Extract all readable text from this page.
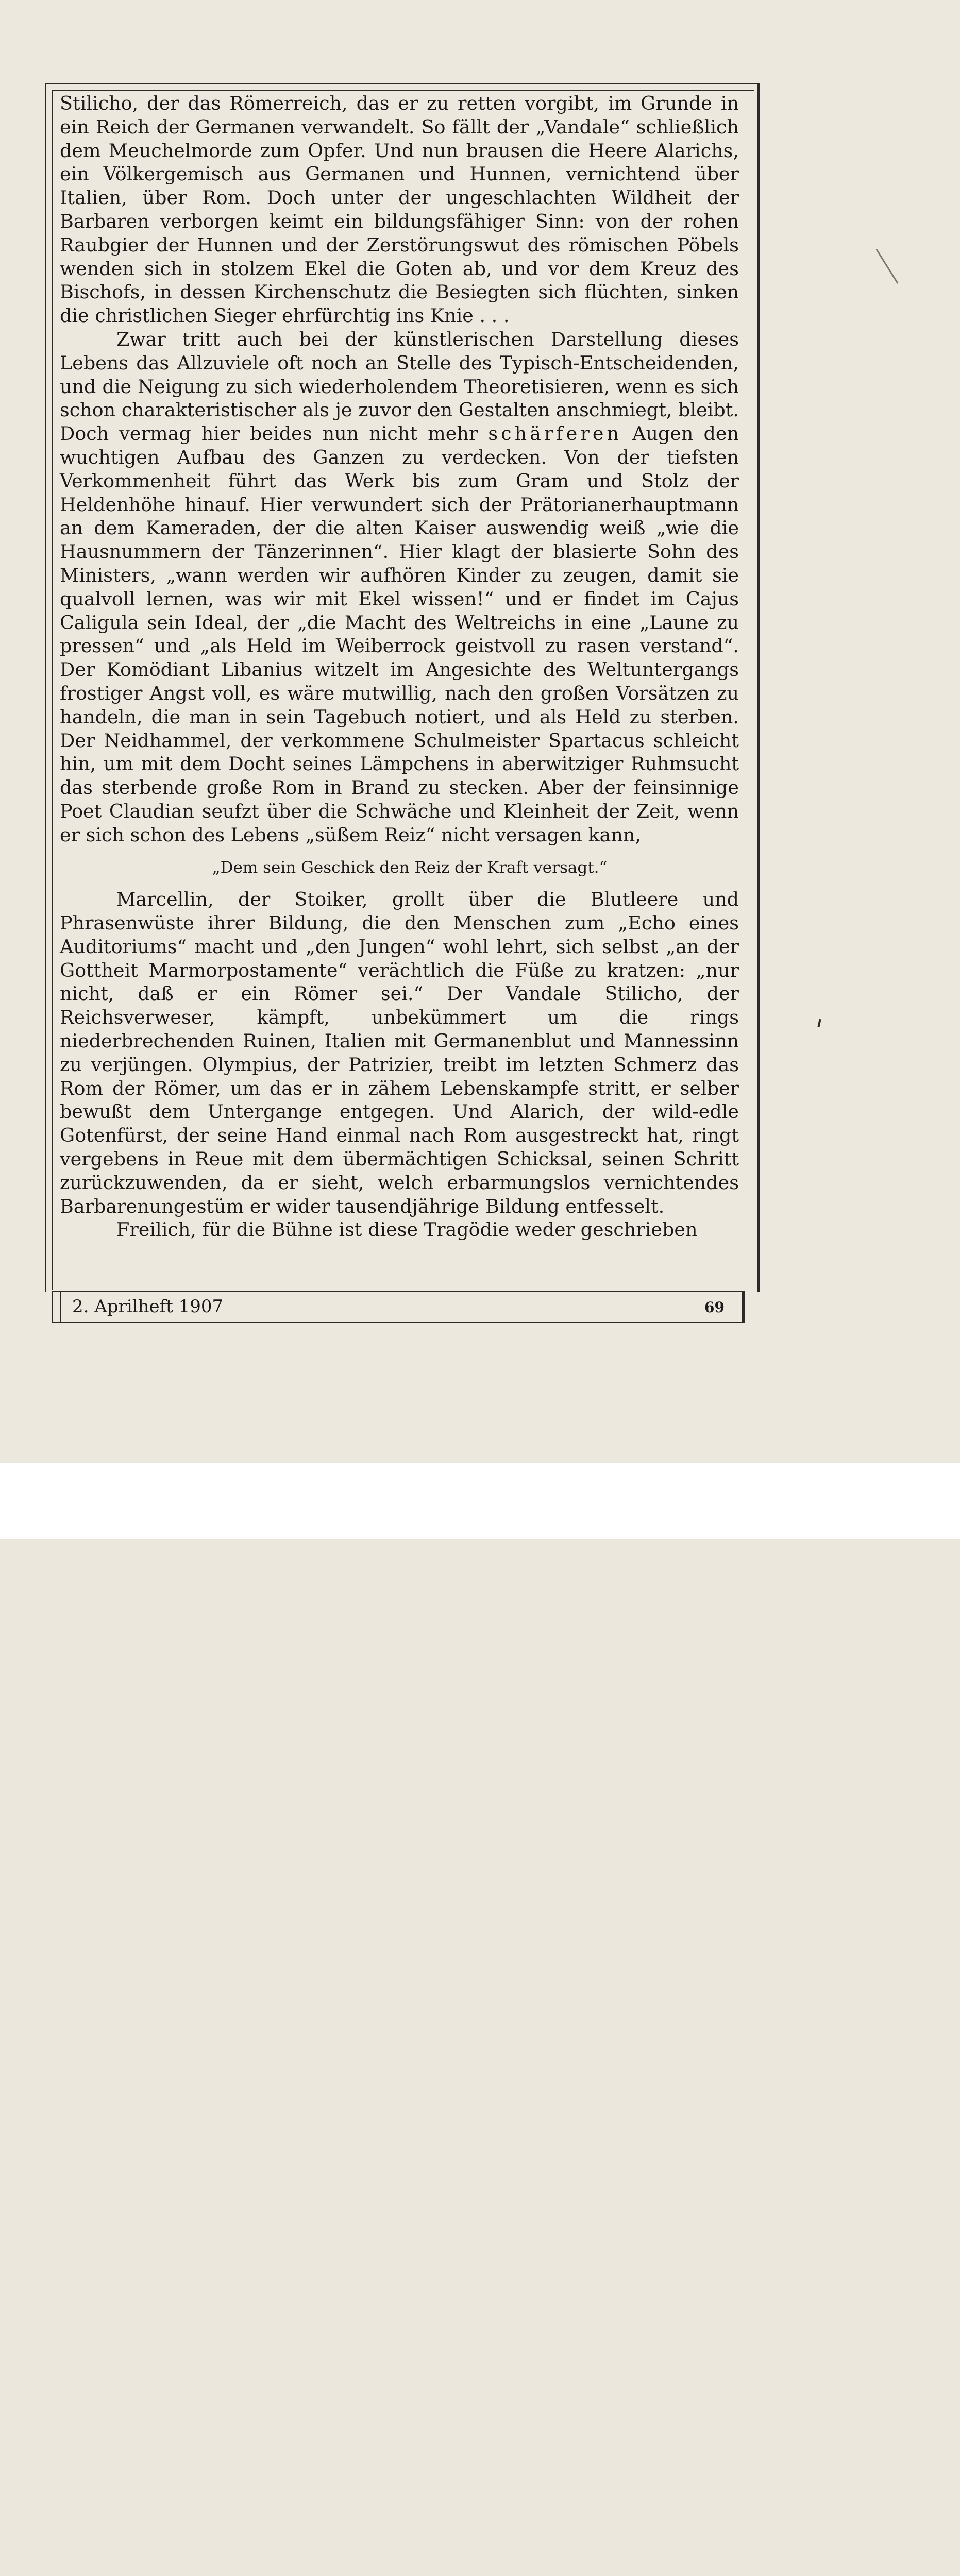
Stilicho, der das Römerreich, das er zu retten vorgibt, im Grunde in ein Reich der Germanen verwandelt. So fällt der „Vandale“ schließlich dem Meuchelmorde zum Opfer. Und nun brausen die Heere Alarichs, ein Völkergemisch aus Germanen und Hunnen, vernichtend über Italien, über Rom. Doch unter der ungeschlachten Wildheit der Barbaren verborgen keimt ein bildungsfähiger Sinn: von der rohen Raubgier der Hunnen und der Zerstörungswut des römischen Pöbels wenden sich in stolzem Ekel die Goten ab, und vor dem Kreuz des Bischofs, in dessen Kirchenschutz die Besiegten sich flüchten, sinken die christlichen Sieger ehrfürchtig ins Knie . . .

Zwar tritt auch bei der künstlerischen Darstellung dieses Lebens das Allzuviele oft noch an Stelle des Typisch-Entscheidenden, und die Neigung zu sich wiederholendem Theoretisieren, wenn es sich schon charakteristischer als je zuvor den Gestalten anschmiegt, bleibt. Doch vermag hier beides nun nicht mehr schärferen Augen den wuchtigen Aufbau des Ganzen zu verdecken. Von der tiefsten Verkommenheit führt das Werk bis zum Gram und Stolz der Heldenhöhe hinauf. Hier verwundert sich der Prätorianerhauptmann an dem Kameraden, der die alten Kaiser auswendig weiß „wie die Hausnummern der Tänzerinnen“. Hier klagt der blasierte Sohn des Ministers, „wann werden wir aufhören Kinder zu zeugen, damit sie qualvoll lernen, was wir mit Ekel wissen!“ und er findet im Cajus Caligula sein Ideal, der „die Macht des Weltreichs in eine „Laune zu pressen“ und „als Held im Weiberrock geistvoll zu rasen verstand“. Der Komödiant Libanius witzelt im Angesichte des Weltuntergangs frostiger Angst voll, es wäre mutwillig, nach den großen Vorsätzen zu handeln, die man in sein Tagebuch notiert, und als Held zu sterben. Der Neidhammel, der verkommene Schulmeister Spartacus schleicht hin, um mit dem Docht seines Lämpchens in aberwitziger Ruhmsucht das sterbende große Rom in Brand zu stecken. Aber der feinsinnige Poet Claudian seufzt über die Schwäche und Kleinheit der Zeit, wenn er sich schon des Lebens „süßem Reiz“ nicht versagen kann,

„Dem sein Geschick den Reiz der Kraft versagt.“

Marcellin, der Stoiker, grollt über die Blutleere und Phrasenwüste ihrer Bildung, die den Menschen zum „Echo eines Auditoriums“ macht und „den Jungen“ wohl lehrt, sich selbst „an der Gottheit Marmorpostamente“ verächtlich die Füße zu kratzen: „nur nicht, daß er ein Römer sei.“ Der Vandale Stilicho, der Reichsverweser, kämpft, unbekümmert um die rings niederbrechenden Ruinen, Italien mit Germanenblut und Mannessinn zu verjüngen. Olympius, der Patrizier, treibt im letzten Schmerz das Rom der Römer, um das er in zähem Lebenskampfe stritt, er selber bewußt dem Untergange entgegen. Und Alarich, der wild-edle Gotenfürst, der seine Hand einmal nach Rom ausgestreckt hat, ringt vergebens in Reue mit dem übermächtigen Schicksal, seinen Schritt zurückzuwenden, da er sieht, welch erbarmungslos vernichtendes Barbarenungestüm er wider tausendjährige Bildung entfesselt.

Freilich, für die Bühne ist diese Tragödie weder geschrieben

2. Aprilheft 1907	69
